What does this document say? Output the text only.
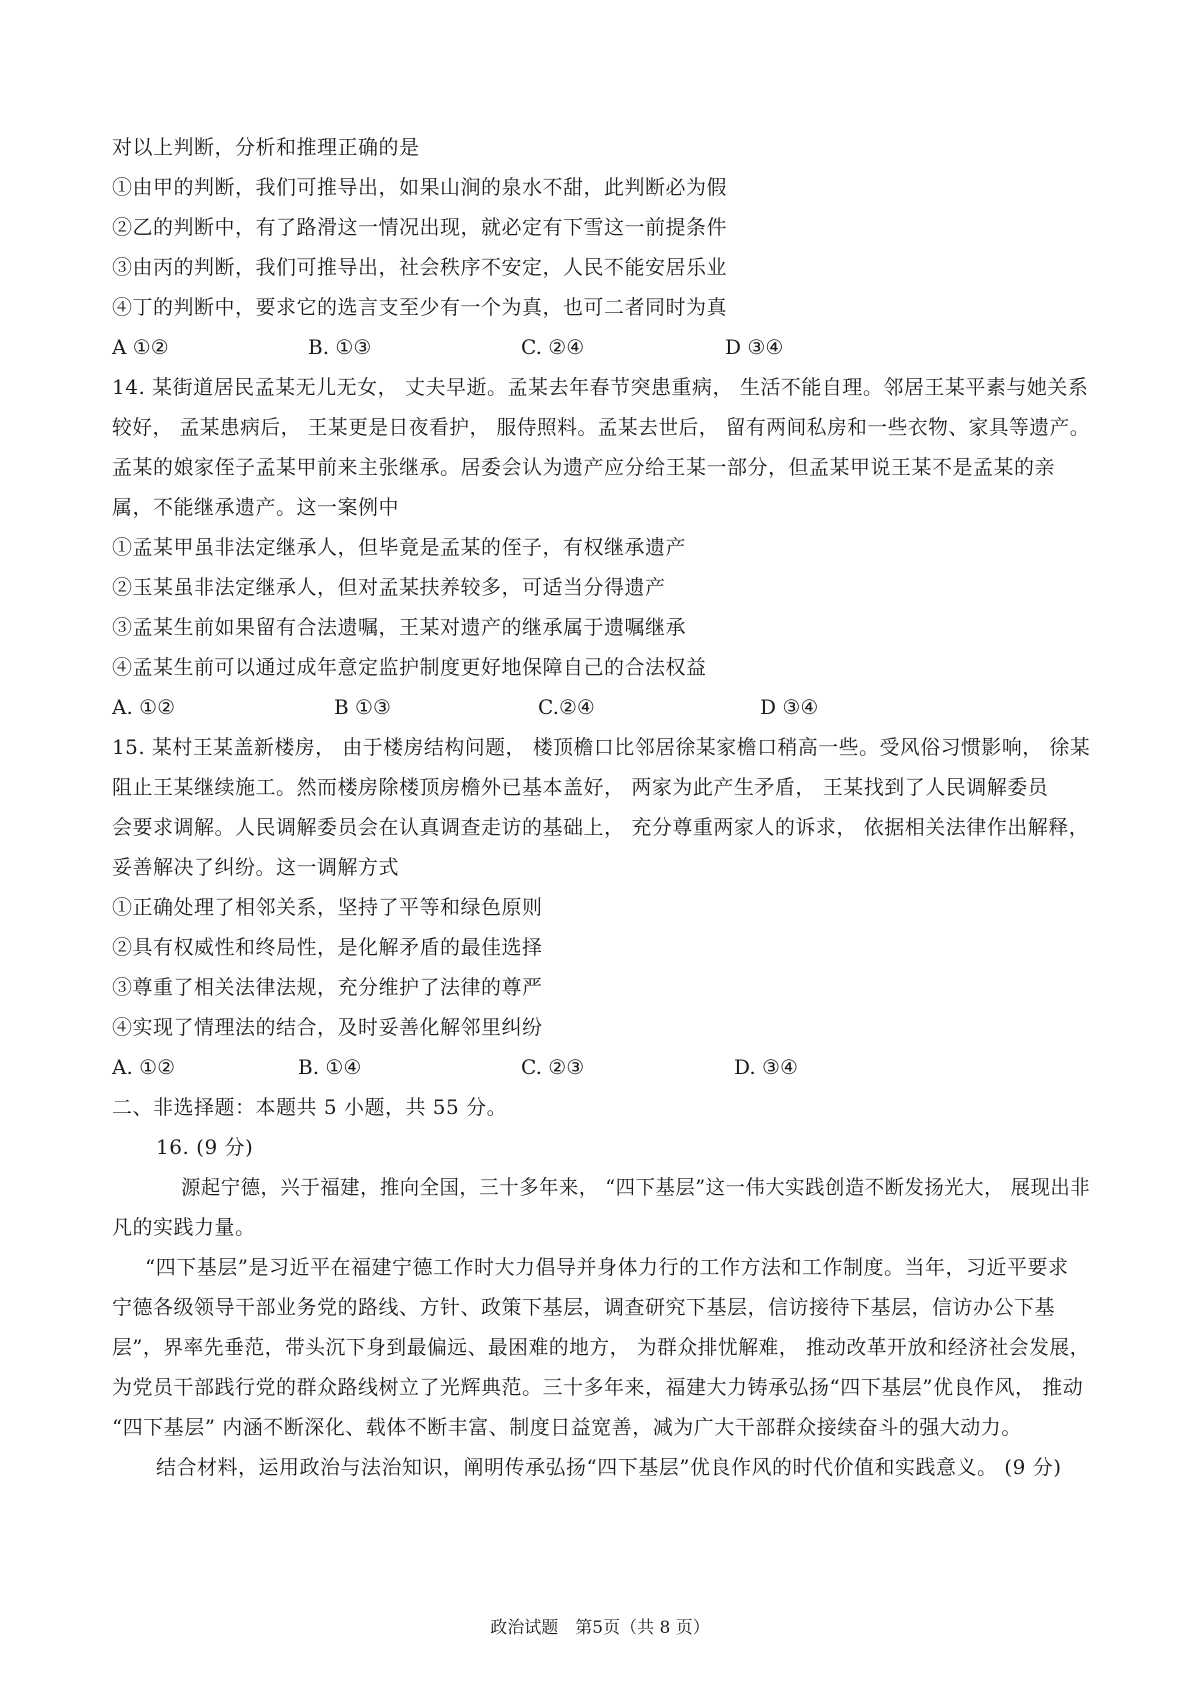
对以上判断，分析和推理正确的是
①由甲的判断，我们可推导出，如果山涧的泉水不甜，此判断必为假
②乙的判断中，有了路滑这一情况出现，就必定有下雪这一前提条件
③由丙的判断，我们可推导出，社会秩序不安定，人民不能安居乐业
④丁的判断中，要求它的选言支至少有一个为真，也可二者同时为真
A ①②	B. ①③	C. ②④	D ③④
14. 某街道居民孟某无儿无女， 丈夫早逝。孟某去年春节突患重病， 生活不能自理。邻居王某平素与她关系
较好， 孟某患病后， 王某更是日夜看护， 服侍照料。孟某去世后， 留有两间私房和一些衣物、家具等遗产。
孟某的娘家侄子孟某甲前来主张继承。居委会认为遗产应分给王某一部分，但孟某甲说王某不是孟某的亲
属，不能继承遗产。这一案例中
①孟某甲虽非法定继承人，但毕竟是孟某的侄子，有权继承遗产
②玉某虽非法定继承人，但对孟某扶养较多，可适当分得遗产
③孟某生前如果留有合法遗嘱，王某对遗产的继承属于遗嘱继承
④孟某生前可以通过成年意定监护制度更好地保障自己的合法权益
A. ①②	B ①③	C.②④	D ③④
15. 某村王某盖新楼房， 由于楼房结构问题， 楼顶檐口比邻居徐某家檐口稍高一些。受风俗习惯影响， 徐某
阻止王某继续施工。然而楼房除楼顶房檐外已基本盖好， 两家为此产生矛盾， 王某找到了人民调解委员
会要求调解。人民调解委员会在认真调查走访的基础上， 充分尊重两家人的诉求， 依据相关法律作出解释，
妥善解决了纠纷。这一调解方式
①正确处理了相邻关系，坚持了平等和绿色原则
②具有权威性和终局性，是化解矛盾的最佳选择
③尊重了相关法律法规，充分维护了法律的尊严
④实现了情理法的结合，及时妥善化解邻里纠纷
A. ①②	B. ①④	C. ②③	D. ③④
二、非选择题：本题共 5 小题，共 55 分。
16. (9 分)
源起宁德，兴于福建，推向全国，三十多年来， “四下基层”这一伟大实践创造不断发扬光大， 展现出非
凡的实践力量。
“四下基层”是习近平在福建宁德工作时大力倡导并身体力行的工作方法和工作制度。当年，习近平要求
宁德各级领导干部业务党的路线、方针、政策下基层，调查研究下基层，信访接待下基层，信访办公下基
层”，界率先垂范，带头沉下身到最偏远、最困难的地方， 为群众排忧解难， 推动改革开放和经济社会发展，
为党员干部践行党的群众路线树立了光辉典范。三十多年来，福建大力铸承弘扬“四下基层”优良作风， 推动
“四下基层” 内涵不断深化、载体不断丰富、制度日益宽善，减为广大干部群众接续奋斗的强大动力。
结合材料，运用政治与法治知识，阐明传承弘扬“四下基层”优良作风的时代价值和实践意义。 (9 分)
政治试题　第5页（共 8 页）
